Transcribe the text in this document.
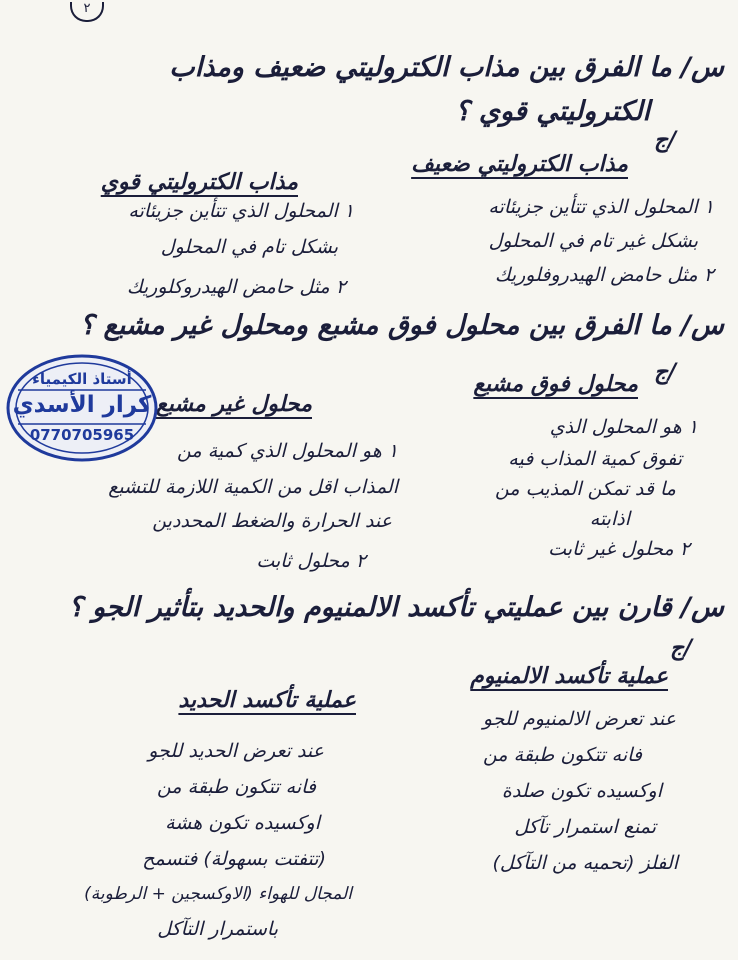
٢
س/ ما الفرق بين مذاب الكتروليتي ضعيف ومذاب
الكتروليتي قوي ؟
ج/
مذاب الكتروليتي ضعيف
مذاب الكتروليتي قوي
١ المحلول الذي تتأين جزيئاته
بشكل غير تام في المحلول
٢ مثل حامض الهيدروفلوريك
١ المحلول الذي تتأين جزيئاته
بشكل تام في المحلول
٢ مثل حامض الهيدروكلوريك
س/ ما الفرق بين محلول فوق مشبع ومحلول غير مشبع ؟
ج/
محلول فوق مشبع
محلول غير مشبع
١ هو المحلول الذي
تفوق كمية المذاب فيه
ما قد تمكن المذيب من
اذابته
٢ محلول غير ثابت
١ هو المحلول الذي كمية من
المذاب اقل من الكمية اللازمة للتشبع
عند الحرارة والضغط المحددين
٢ محلول ثابت
س/ قارن بين عمليتي تأكسد الالمنيوم والحديد بتأثير الجو ؟
ج/
عملية تأكسد الالمنيوم
عملية تأكسد الحديد
عند تعرض الالمنيوم للجو
فانه تتكون طبقة من
اوكسيده تكون صلدة
تمنع استمرار تآكل
الفلز (تحميه من التآكل)
عند تعرض الحديد للجو
فانه تتكون طبقة من
اوكسيده تكون هشة
(تتفتت بسهولة) فتسمح
المجال للهواء (الاوكسجين + الرطوبة)
باستمرار التآكل
أستاذ الكيمياء
كرار الأسدي
0770705965
